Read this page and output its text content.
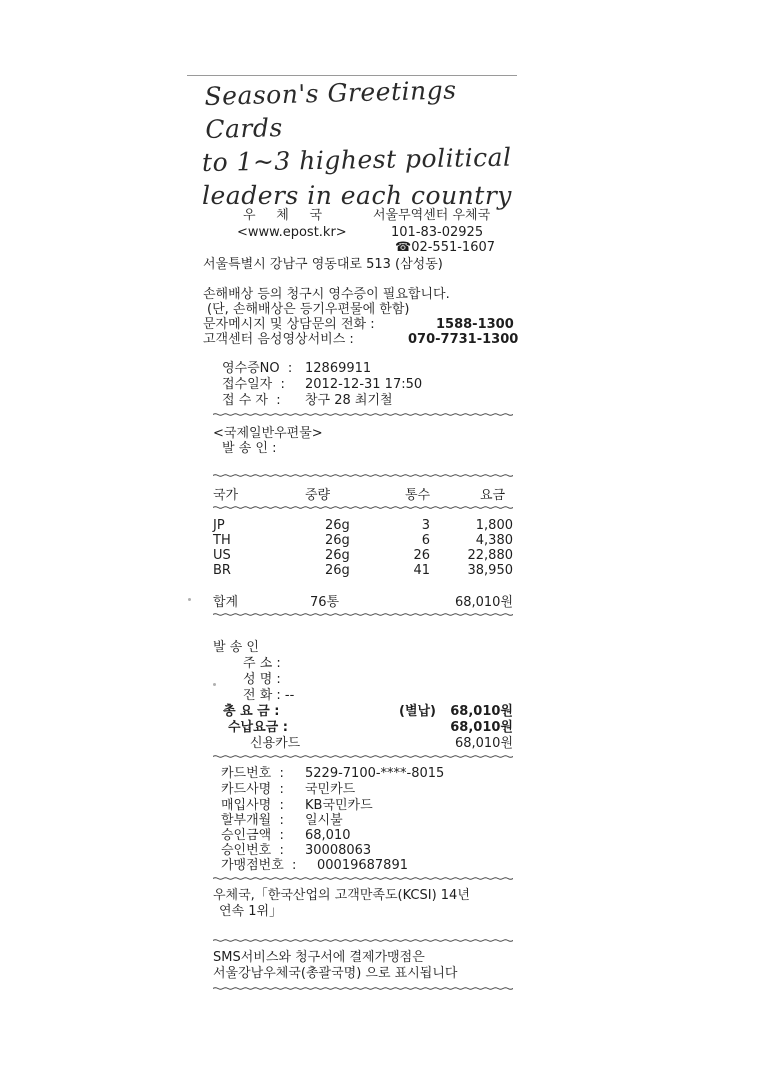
Season's Greetings Cards
to 1~3 highest political
leaders in each country
우     체     국	서울무역센터 우체국
<www.epost.kr>	101-83-02925
☎02-551-1607
서울특별시 강남구 영동대로 513 (삼성동)
손해배상 등의 청구시 영수증이 필요합니다.
(단, 손해배상은 등기우편물에 한함)
문자메시지 및 상담문의 전화 :	1588-1300
고객센터 음성영상서비스 :	070-7731-1300
영수증NO  : 12869911
접수일자  : 2012-12-31 17:50
접 수 자  : 창구 28 최기철
<국제일반우편물>
발 송 인 :
국가	중량	통수	요금
JP	26g	3	1,800
TH	26g	6	4,380
US	26g	26	22,880
BR	26g	41	38,950
합계	76통	68,010원
발 송 인
주 소 :
성 명 :
전 화 : --
총 요 금 :	(별납)	68,010원
수납요금 :	68,010원
신용카드	68,010원
카드번호  : 5229-7100-****-8015
카드사명  : 국민카드
매입사명  : KB국민카드
할부개월  : 일시불
승인금액  : 68,010
승인번호  : 30008063
가맹점번호  : 00019687891
우체국,「한국산업의 고객만족도(KCSI) 14년
연속 1위」
SMS서비스와 청구서에 결제가맹점은
서울강남우체국(총괄국명) 으로 표시됩니다
